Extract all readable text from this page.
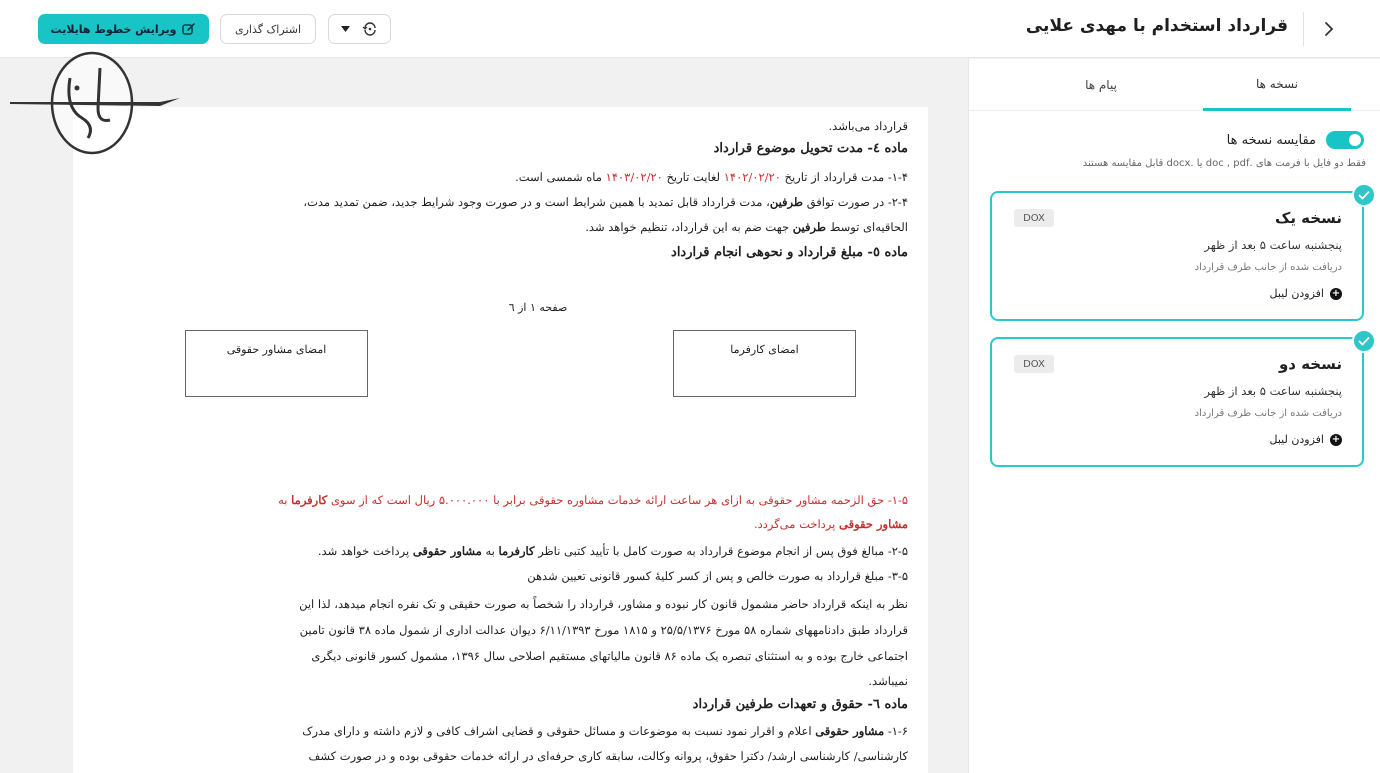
قرارداد استخدام با مهدی علایی
اشتراک گذاری
ویرایش خطوط هایلایت
قرارداد می‌باشد.
ماده ٤- مدت تحویل موضوع قرارداد
۱-۴- مدت قرارداد از تاریخ ۱۴۰۲/۰۲/۲۰ لغایت تاریخ ۱۴۰۳/۰۲/۲۰ ماه شمسی است.
۲-۴- در صورت توافق طرفین، مدت قرارداد قابل تمدید با همین شرایط است و در صورت وجود شرایط جدید، ضمن تمدید مدت،
الحاقیه‌ای توسط طرفین جهت ضم به این قرارداد، تنظیم خواهد شد.
ماده ٥- مبلغ قرارداد و نحوهی انجام قرارداد
صفحه ۱ از ٦
امضای کارفرما
امضای مشاور حقوقی
۱-۵- حق الزحمه مشاور حقوقی به ازای هر ساعت ارائه خدمات مشاوره حقوقی برابر با ۵.۰۰۰.۰۰۰ ریال است که از سوی کارفرما به
مشاور حقوقی پرداخت می‌گردد.
۲-۵- مبالغ فوق پس از انجام موضوع قرارداد به صورت کامل با تأیید کتبی ناظر کارفرما به مشاور حقوقی پرداخت خواهد شد.
۳-۵- مبلغ قرارداد به صورت خالص و پس از کسر کلیهٔ کسور قانونی تعیین شدهن
نظر به اینکه قرارداد حاضر مشمول قانون کار نبوده و مشاور، قرارداد را شخصاً به صورت حقیقی و تک نفره انجام میدهد، لذا این
قرارداد طبق دادنامههای شماره ۵۸ مورخ ۲۵/۵/۱۳۷۶ و ۱۸۱۵ مورخ ۶/۱۱/۱۳۹۳ دیوان عدالت اداری از شمول ماده ۳۸ قانون تامین
اجتماعی خارج بوده و به استثنای تبصره یک ماده ۸۶ قانون مالیاتهای مستقیم اصلاحی سال ۱۳۹۶، مشمول کسور قانونی دیگری
نمیباشد.
ماده ٦- حقوق و تعهدات طرفین قرارداد
۱-۶- مشاور حقوقی اعلام و اقرار نمود نسبت به موضوعات و مسائل حقوقی و قضایی اشراف کافی و لازم داشته و دارای مدرک
کارشناسی/ کارشناسی ارشد/ دکترا حقوق، پروانه وکالت، سابقه کاری حرفه‌ای در ارائه خدمات حقوقی بوده و در صورت کشف
نسخه ها
پیام ها
مقایسه نسخه ها
فقط دو فایل با فرمت های .doc , pdf یا .docx قابل مقایسه هستند
نسخه یک
DOX
پنجشنبه ساعت ۵ بعد از ظهر
دریافت شده از جانب طرف قرارداد
+
افزودن لیبل
نسخه دو
DOX
پنجشنبه ساعت ۵ بعد از ظهر
دریافت شده از جانب طرف قرارداد
+
افزودن لیبل
